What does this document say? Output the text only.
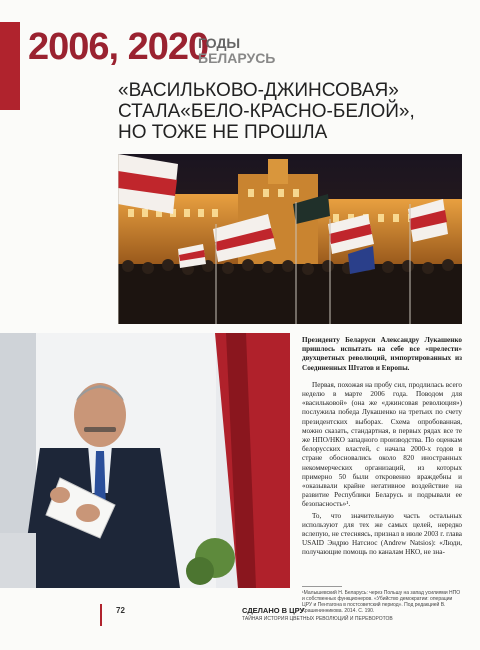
2006, 2020
ГОДЫ
БЕЛАРУСЬ
«ВАСИЛЬКОВО-ДЖИНСОВАЯ»
СТАЛА«БЕЛО-КРАСНО-БЕЛОЙ»,
НО ТОЖЕ НЕ ПРОШЛА

Президенту Беларуси Александру Лукашенко пришлось испытать на себе все «прелести» двухцветных революций, импортированных из Соединенных Штатов и Европы.

Первая, похожая на пробу сил, продлилась всего неделю в марте 2006 года. Поводом для «васильковой» (она же «джинсовая революция») послужила победа Лукашенко на третьих по счету президентских выборах. Схема опробованная, можно сказать, стандартная, в первых рядах все те же НПО/НКО западного производства. По оценкам белорусских властей, с начала 2000-х годов в стране обосновались около 820 иностранных некоммерческих организаций, из которых примерно 50 были откровенно враждебны и «оказывали крайне негативное воздействие на развитие Республики Беларусь и подрывали ее безопасность»¹.

То, что значительную часть остальных используют для тех же самых целей, нередко вслепую, не стесняясь, признал в июле 2003 г. глава USAID Эндрю Натсиос (Andrew Natsios): «Люди, получающие помощь по каналам НКО, не зна-

¹Малышевский Н. Беларусь: через Польшу на запад усилиями НПО и собственных функционеров. «Убийство демократии: операции ЦРУ и Пентагона в постсоветский период». Под редакцией В. Крашенинникова. 2014. С. 190.
72	СДЕЛАНО В ЦРУ
ТАЙНАЯ ИСТОРИЯ ЦВЕТНЫХ РЕВОЛЮЦИЙ И ПЕРЕВОРОТОВ
